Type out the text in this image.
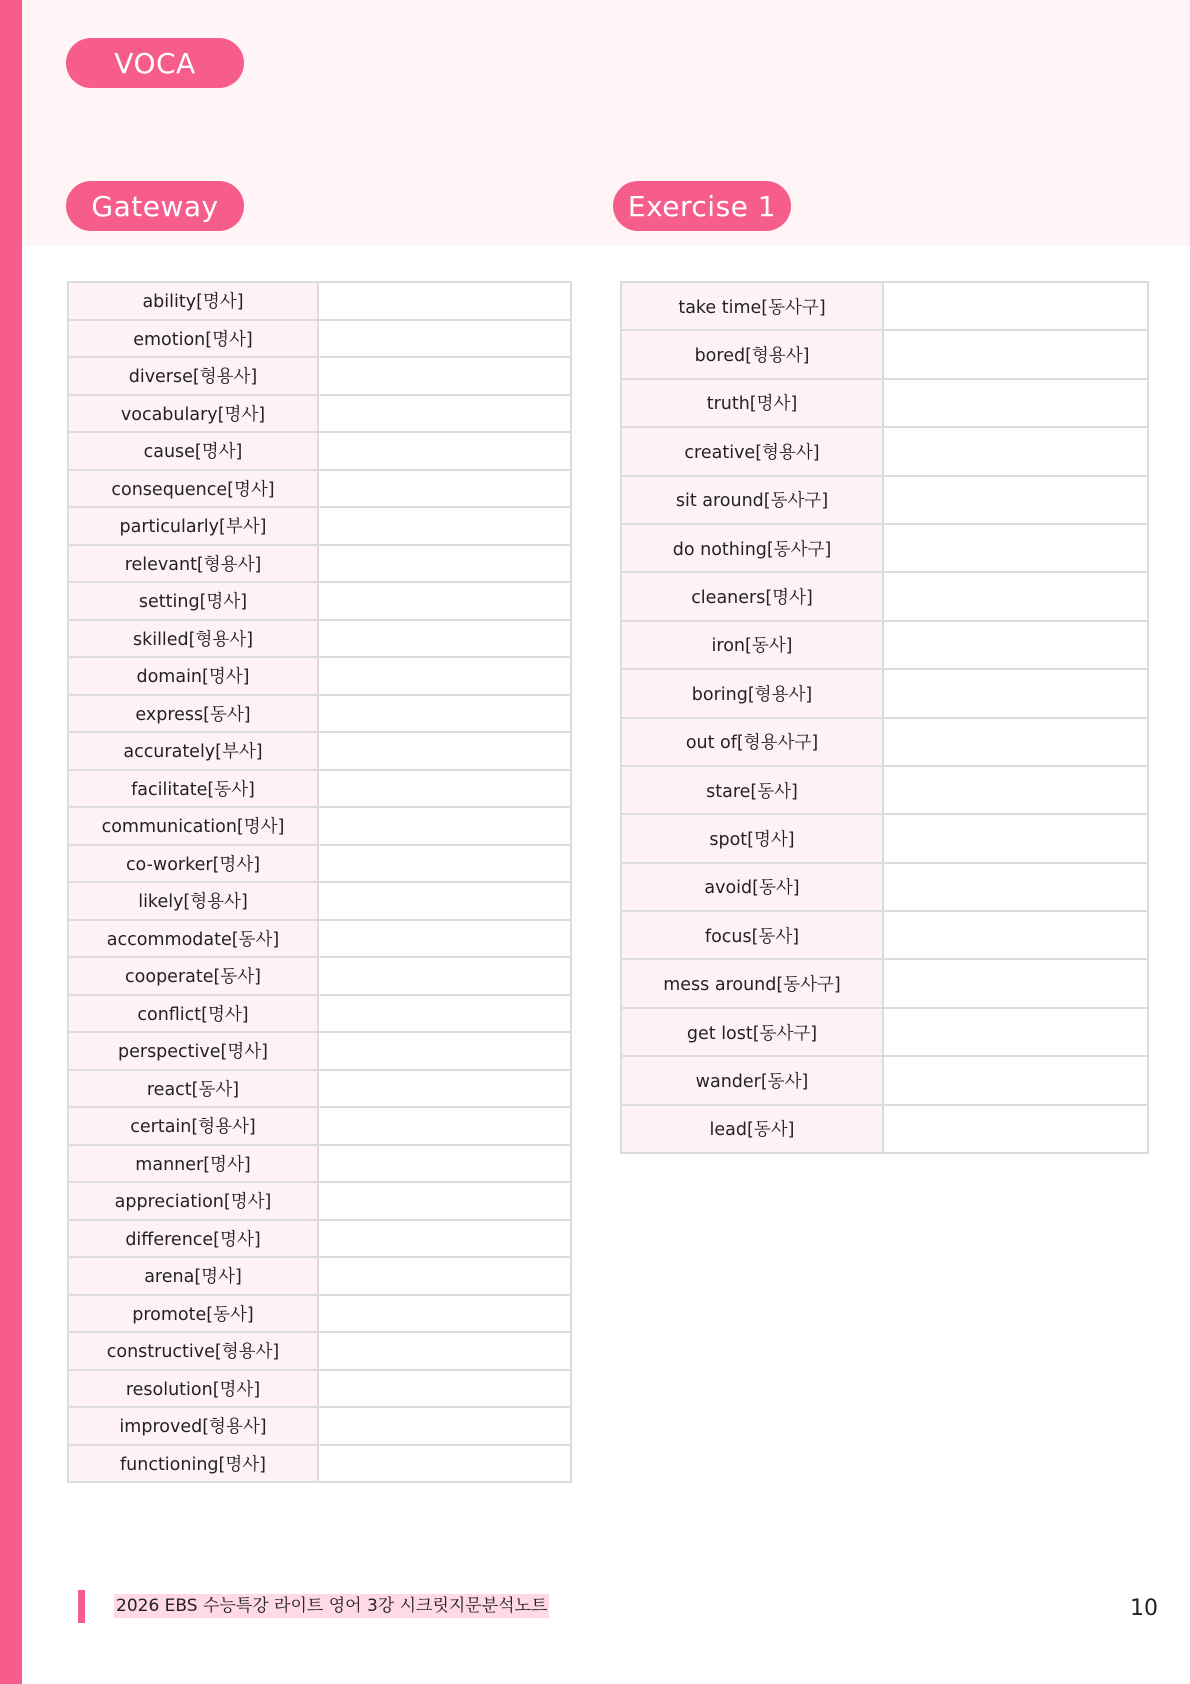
VOCA
Gateway	Exercise 1
ability[명사]	
emotion[명사]	
diverse[형용사]	
vocabulary[명사]	
cause[명사]	
consequence[명사]	
particularly[부사]	
relevant[형용사]	
setting[명사]	
skilled[형용사]	
domain[명사]	
express[동사]	
accurately[부사]	
facilitate[동사]	
communication[명사]	
co-worker[명사]	
likely[형용사]	
accommodate[동사]	
cooperate[동사]	
conflict[명사]	
perspective[명사]	
react[동사]	
certain[형용사]	
manner[명사]	
appreciation[명사]	
difference[명사]	
arena[명사]	
promote[동사]	
constructive[형용사]	
resolution[명사]	
improved[형용사]	
functioning[명사]	
take time[동사구]	
bored[형용사]	
truth[명사]	
creative[형용사]	
sit around[동사구]	
do nothing[동사구]	
cleaners[명사]	
iron[동사]	
boring[형용사]	
out of[형용사구]	
stare[동사]	
spot[명사]	
avoid[동사]	
focus[동사]	
mess around[동사구]	
get lost[동사구]	
wander[동사]	
lead[동사]	
2026 EBS 수능특강 라이트 영어 3강 시크릿지문분석노트	10
